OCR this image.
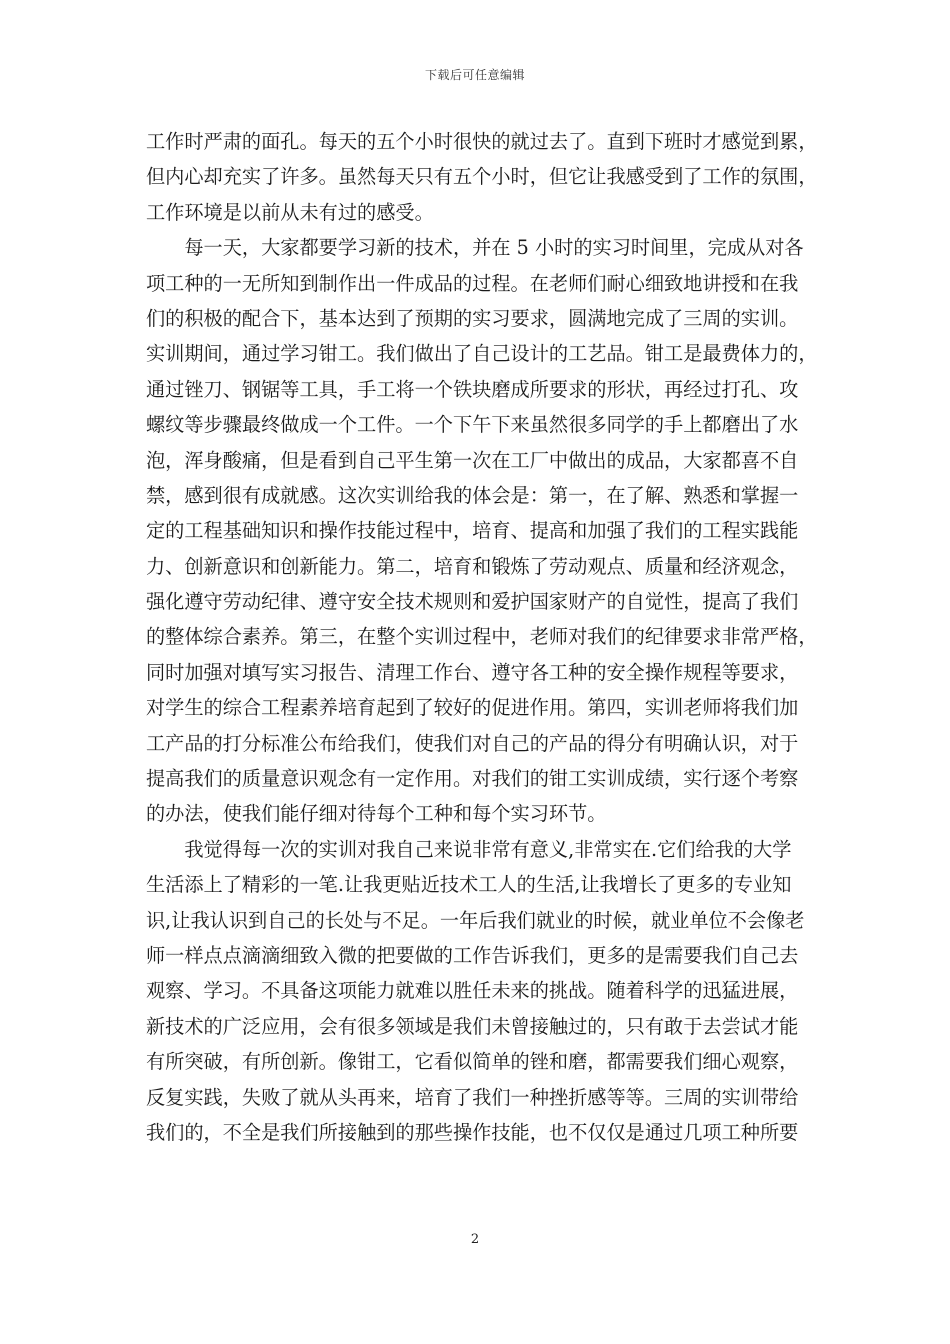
下载后可任意编辑
工作时严肃的面孔。每天的五个小时很快的就过去了。直到下班时才感觉到累，
但内心却充实了许多。虽然每天只有五个小时，但它让我感受到了工作的氛围，
工作环境是以前从未有过的感受。
　　每一天，大家都要学习新的技术，并在 5 小时的实习时间里，完成从对各
项工种的一无所知到制作出一件成品的过程。在老师们耐心细致地讲授和在我
们的积极的配合下，基本达到了预期的实习要求，圆满地完成了三周的实训。
实训期间，通过学习钳工。我们做出了自己设计的工艺品。钳工是最费体力的，
通过锉刀、钢锯等工具，手工将一个铁块磨成所要求的形状，再经过打孔、攻
螺纹等步骤最终做成一个工件。一个下午下来虽然很多同学的手上都磨出了水
泡，浑身酸痛，但是看到自己平生第一次在工厂中做出的成品，大家都喜不自
禁，感到很有成就感。这次实训给我的体会是：第一，在了解、熟悉和掌握一
定的工程基础知识和操作技能过程中，培育、提高和加强了我们的工程实践能
力、创新意识和创新能力。第二，培育和锻炼了劳动观点、质量和经济观念，
强化遵守劳动纪律、遵守安全技术规则和爱护国家财产的自觉性，提高了我们
的整体综合素养。第三，在整个实训过程中，老师对我们的纪律要求非常严格，
同时加强对填写实习报告、清理工作台、遵守各工种的安全操作规程等要求，
对学生的综合工程素养培育起到了较好的促进作用。第四，实训老师将我们加
工产品的打分标准公布给我们，使我们对自己的产品的得分有明确认识，对于
提高我们的质量意识观念有一定作用。对我们的钳工实训成绩，实行逐个考察
的办法，使我们能仔细对待每个工种和每个实习环节。
　　我觉得每一次的实训对我自己来说非常有意义,非常实在.它们给我的大学
生活添上了精彩的一笔.让我更贴近技术工人的生活,让我增长了更多的专业知
识,让我认识到自己的长处与不足。一年后我们就业的时候，就业单位不会像老
师一样点点滴滴细致入微的把要做的工作告诉我们，更多的是需要我们自己去
观察、学习。不具备这项能力就难以胜任未来的挑战。随着科学的迅猛进展，
新技术的广泛应用，会有很多领域是我们未曾接触过的，只有敢于去尝试才能
有所突破，有所创新。像钳工，它看似简单的锉和磨，都需要我们细心观察，
反复实践，失败了就从头再来，培育了我们一种挫折感等等。三周的实训带给
我们的，不全是我们所接触到的那些操作技能，也不仅仅是通过几项工种所要
2
